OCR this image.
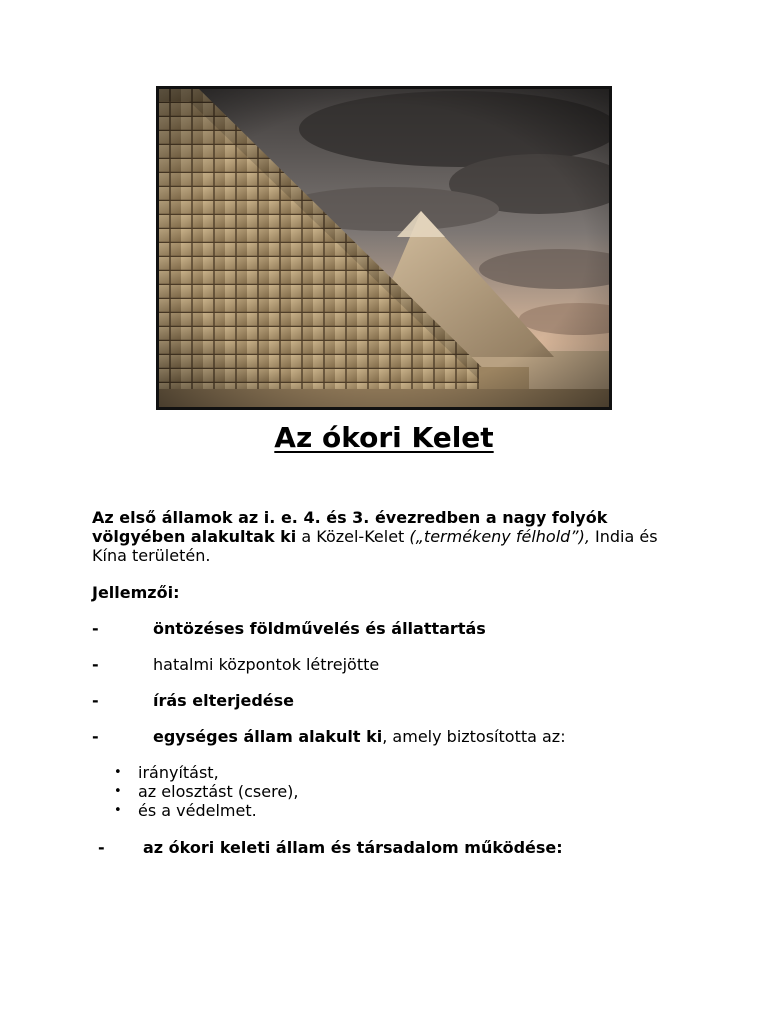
Az ókori Kelet

Az első államok az i. e. 4. és 3. évezredben a nagy folyók völgyében alakultak ki a Közel-Kelet („termékeny félhold”), India és Kína területén.

Jellemzői:

-	öntözéses földművelés és állattartás
-	hatalmi központok létrejötte
-	írás elterjedése
-	egységes állam alakult ki, amely biztosította az:
• irányítást,
• az elosztást (csere),
• és a védelmet.
- az ókori keleti állam és társadalom működése:
